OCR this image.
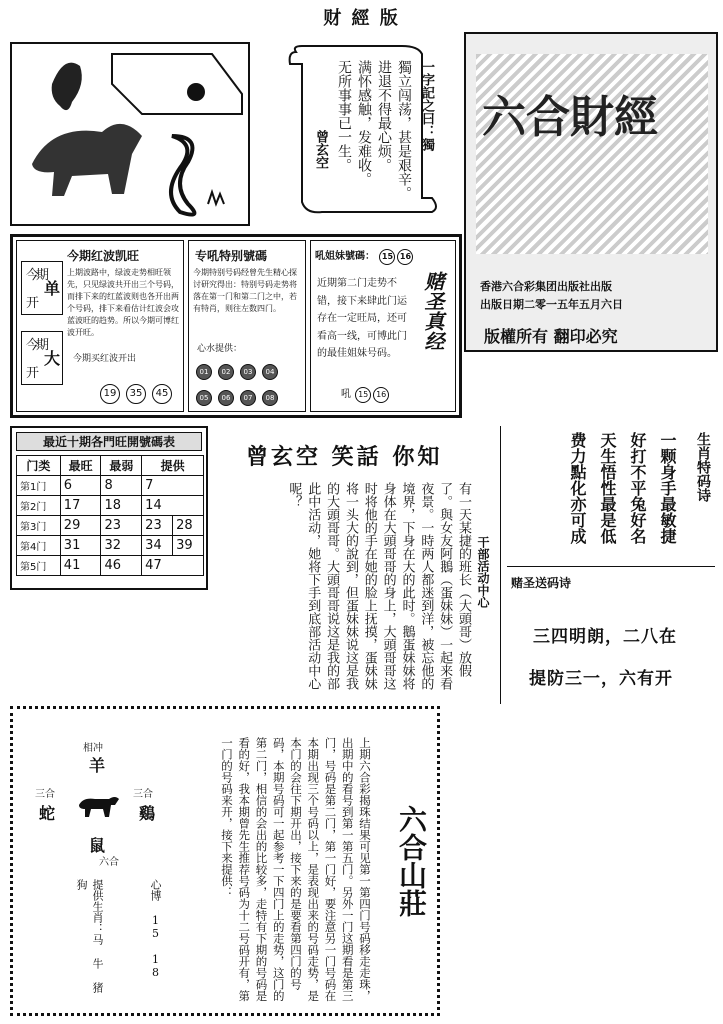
财 經 版
一字記之曰：獨
獨立闯荡，甚是艰辛。
进退不得最心烦。
满怀感触，发难收。
无所事事已一生。
曾玄空
六合財經
香港六合彩集团出版社出版
出版日期二零一五年五月六日
版權所有 翻印必究
今
期
开
单
今
期
开
大
今期红波凯旺
上期波路中，绿波走势相旺领先，只见绿波共开出三个号码，而排下来的红蓝波则也各开出两个号码，排下来看估计红波会攻蓝波旺的趋势。所以今期可博红波开旺。
今期买红波开出
19 35 45
专吼特别號碼
今期特别号码经曾先生精心探讨研究得出：特别号码走势将落在第一门和第二门之中，若有特肖，则往左数四门。
心水提供：
01 02 03 04
05 06 07 08
吼姐妹號碼： 15 16
近期第二门走势不错，接下来肆此门运存在一定旺局，还可看高一线，可博此门的最佳姐妹号码。
赌圣真经
吼 15 16
最近十期各門旺開號碼表
门类	最旺	最弱	提供	
第1门	6	8	7	
第2门	17	18	14	
第3门	29	23	23	28
第4门	31	32	34	39
第5门	41	46	47	
曾玄空 笑話 你知
干部活动中心
有一天某捷的班长（大頭哥）放假了。與女友阿鵝（蛋妹妹）一起来看夜景。一時两人都迷到洋，被忘他的境界，下身在大的此时。鵝蛋妹妹将身体在大頭哥哥的身上，大頭哥哥这时将他的手在她的脸上抚摸，蛋妹妹将一头大的說到，但蛋妹妹说这是我的大頭哥哥。大頭哥哥说这是我的部此中活动，她将下手到底部活动中心呢？	生肖特码诗
一颗身手最敏捷
好打不平兔好名
天生悟性最是低
费力點化亦可成
赌圣送码诗
三四明朗，二八在
提防三一，六有开
相冲
羊
三合
蛇
三合
鷄
鼠
六合	六合山莊
上期六合彩揭珠结果可见第一第四门号码移走走珠，出期中的看号到第一第五门。另外一门这期看是第三门，号码是第二门，第一门好，要注意另一门号码在本期出现三个号码以上，是表现出来的号码走势，是本门的会往下期开出，接下来的是要看第四门的号码，本期号码可一起参考一下四门上的走势，这门的第二门，相信的会出的比较多，走特有下期的号码是看的好，我本期曾先生推荐号码为十二号码开有，第一门的号码来开，接下来提供：
心博 15 18
提供生肖：马 牛 猪 狗
